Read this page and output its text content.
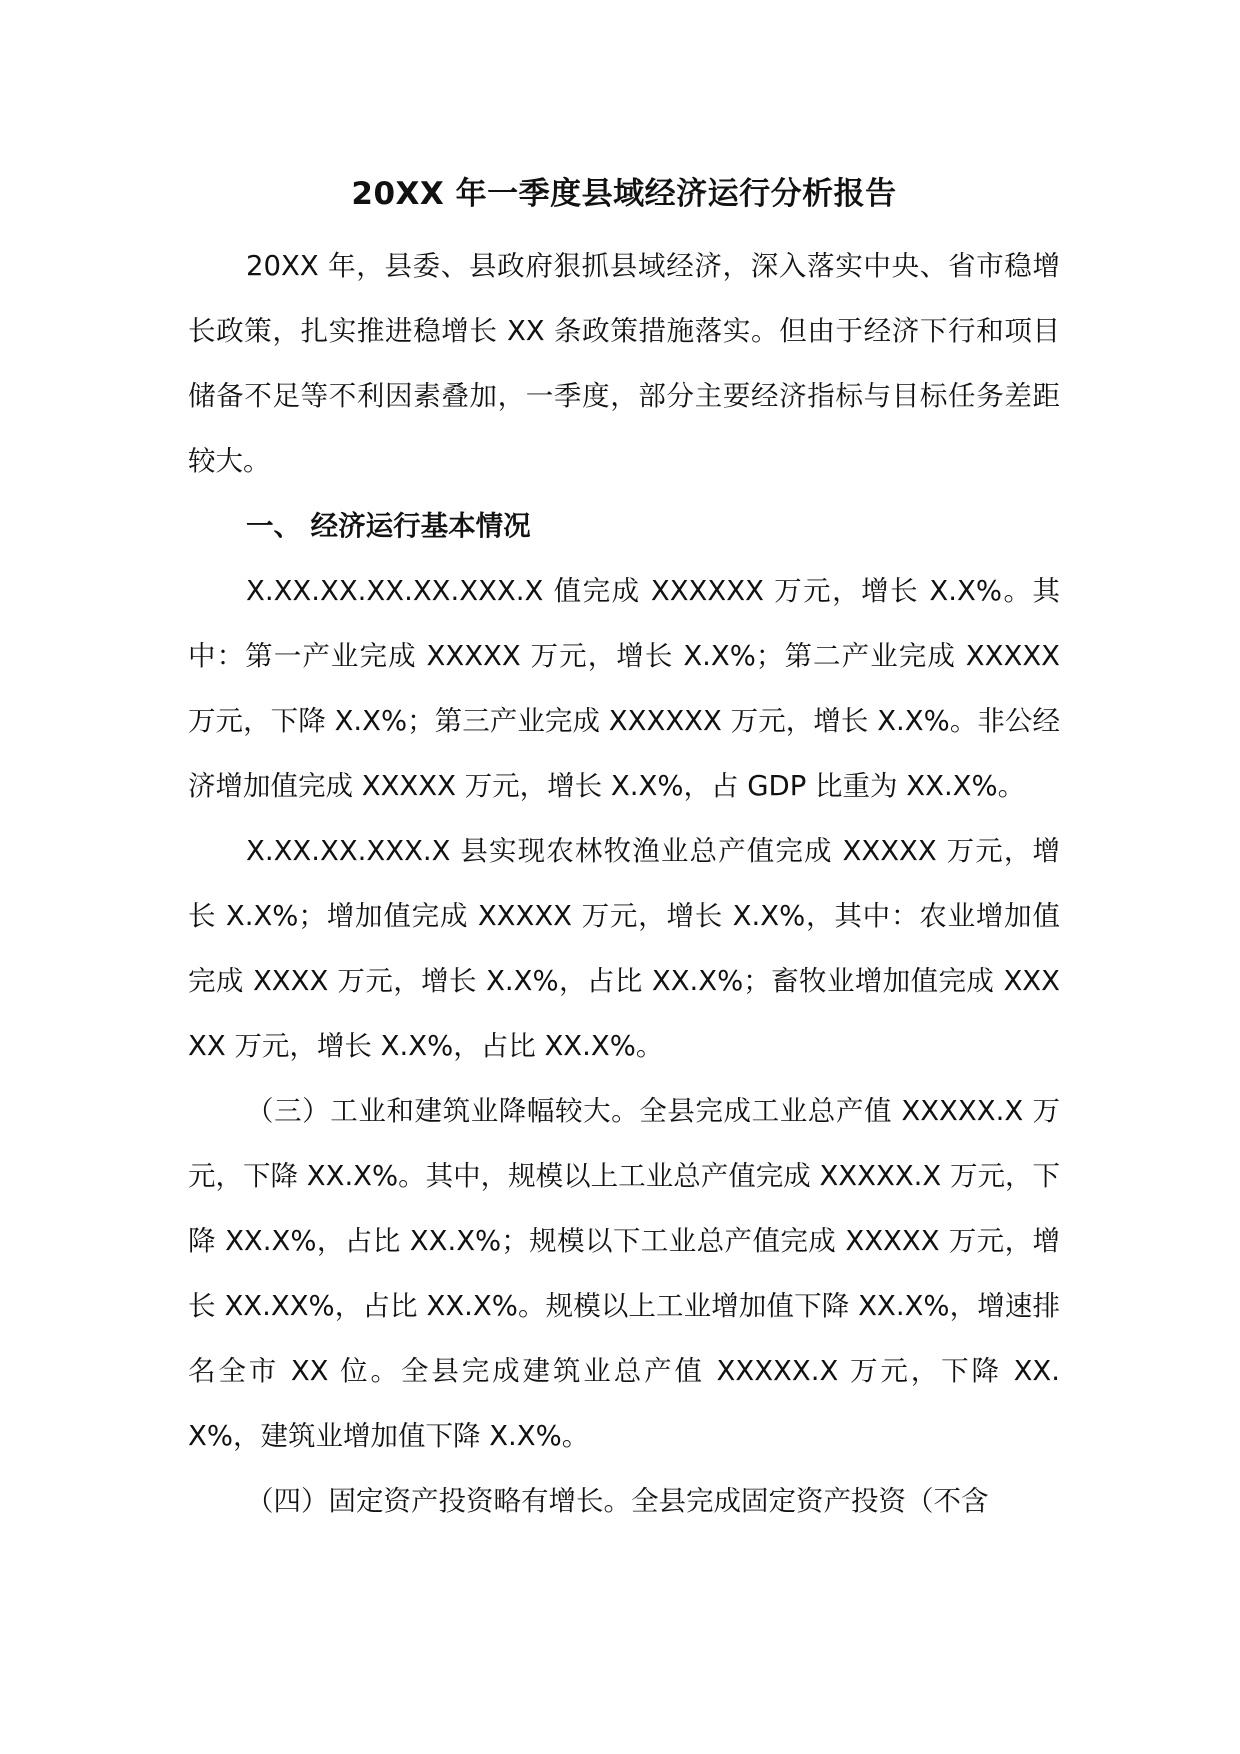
20XX 年一季度县域经济运行分析报告

20XX 年，县委、县政府狠抓县域经济，深入落实中央、省市稳增长政策，扎实推进稳增长 XX 条政策措施落实。但由于经济下行和项目储备不足等不利因素叠加，一季度，部分主要经济指标与目标任务差距较大。

一、 经济运行基本情况

X.XX.XX.XX.XX.XXX.X 值完成 XXXXXX 万元，增长 X.X%。其中：第一产业完成 XXXXX 万元，增长 X.X%；第二产业完成 XXXXX 万元，下降 X.X%；第三产业完成 XXXXXX 万元，增长 X.X%。非公经济增加值完成 XXXXX 万元，增长 X.X%，占 GDP 比重为 XX.X%。

X.XX.XX.XXX.X 县实现农林牧渔业总产值完成 XXXXX 万元，增长 X.X%；增加值完成 XXXXX 万元，增长 X.X%，其中：农业增加值完成 XXXX 万元，增长 X.X%，占比 XX.X%；畜牧业增加值完成 XXXXX 万元，增长 X.X%，占比 XX.X%。

（三）工业和建筑业降幅较大。全县完成工业总产值 XXXXX.X 万元，下降 XX.X%。其中，规模以上工业总产值完成 XXXXX.X 万元，下降 XX.X%，占比 XX.X%；规模以下工业总产值完成 XXXXX 万元，增长 XX.XX%，占比 XX.X%。规模以上工业增加值下降 XX.X%，增速排名全市 XX 位。全县完成建筑业总产值 XXXXX.X 万元，下降 XX.X%，建筑业增加值下降 X.X%。

（四）固定资产投资略有增长。全县完成固定资产投资（不含
